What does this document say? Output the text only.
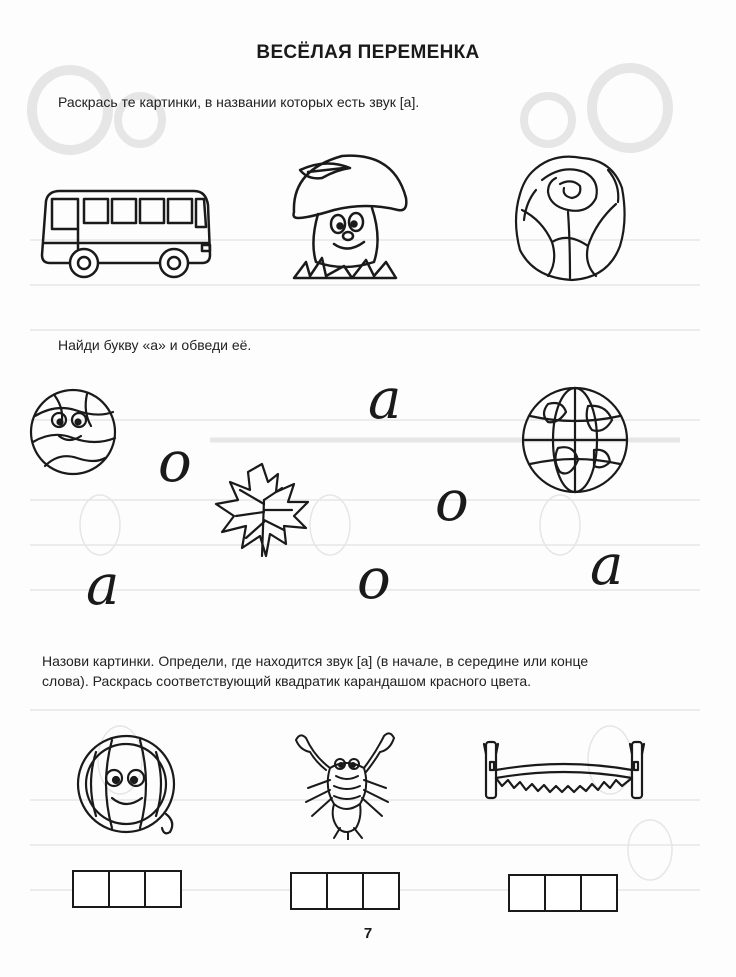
ВЕСЁЛАЯ ПЕРЕМЕНКА
Раскрась те картинки, в названии которых есть звук [а].
Найди букву «а» и обведи её.
а
о
о
о
а	а
Назови картинки. Определи, где находится звук [а] (в начале, в середине или конце
слова). Раскрась соответствующий квадратик карандашом красного цвета.
7
